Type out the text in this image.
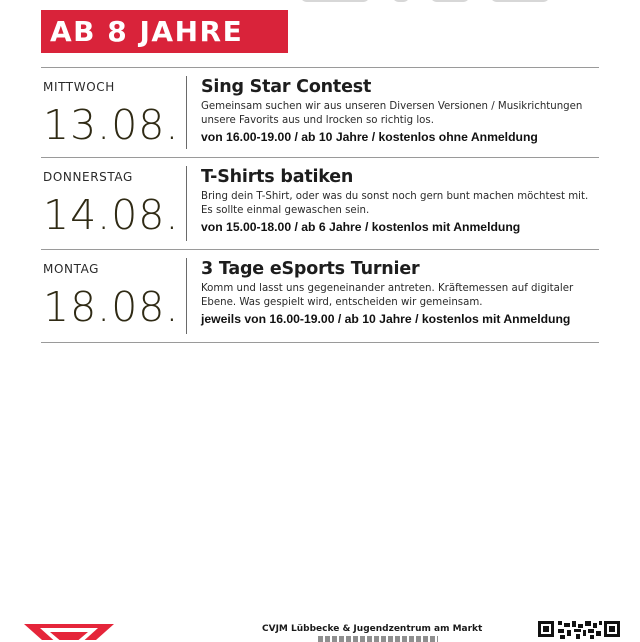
AB 8 JAHRE
MITTWOCH
13.08.
Sing Star Contest
Gemeinsam suchen wir aus unseren Diversen Versionen / Musikrichtungen unsere Favorits aus und lrocken so richtig los.
von 16.00-19.00 / ab 10 Jahre / kostenlos ohne Anmeldung
DONNERSTAG
14.08.
T-Shirts batiken
Bring dein T-Shirt, oder was du sonst noch gern bunt machen möchtest mit. Es sollte einmal gewaschen sein.
von 15.00-18.00 / ab 6 Jahre / kostenlos mit Anmeldung
MONTAG
18.08.
3 Tage eSports Turnier
Komm und lasst uns gegeneinander antreten. Kräftemessen auf digitaler Ebene. Was gespielt wird, entscheiden wir gemeinsam.
jeweils von 16.00-19.00 / ab 10 Jahre / kostenlos mit Anmeldung
CVJM Lübbecke & Jugendzentrum am Markt
